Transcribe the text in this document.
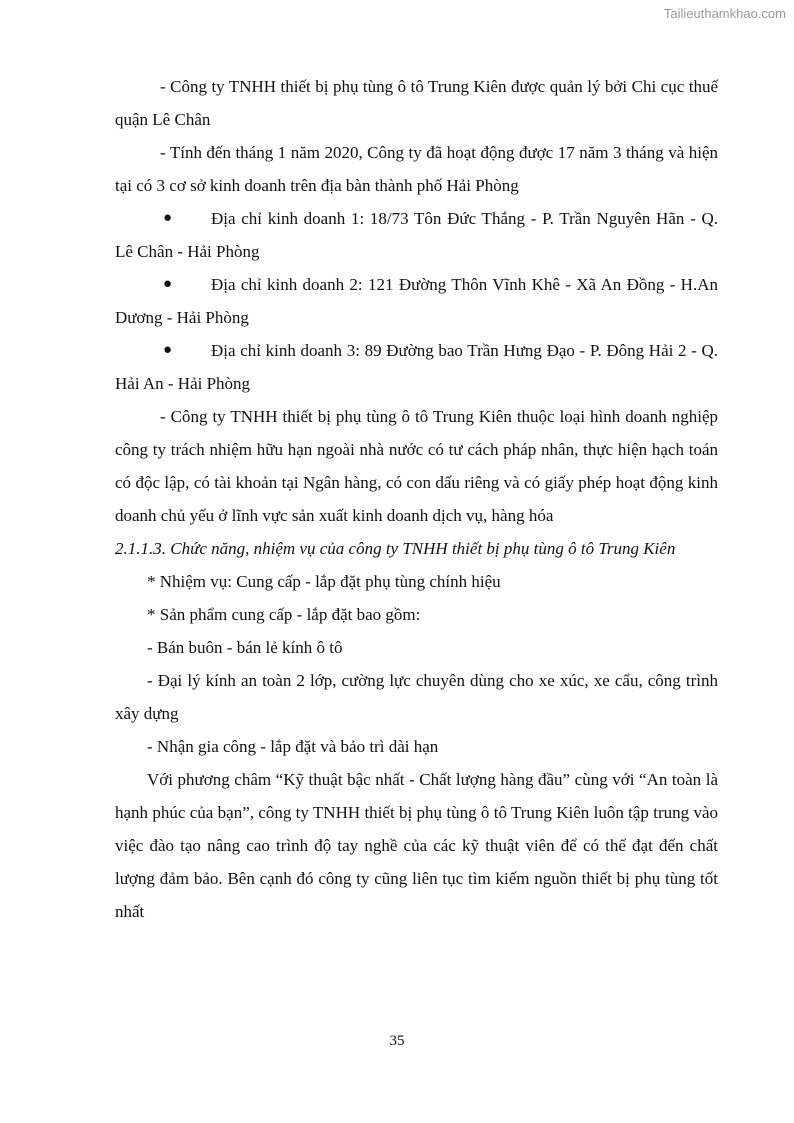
Tailieuthamkhao.com

- Công ty TNHH thiết bị phụ tùng ô tô Trung Kiên được quản lý bởi Chi cục thuế quận Lê Chân

- Tính đến tháng 1 năm 2020, Công ty đã hoạt động được 17 năm 3 tháng và hiện tại có 3 cơ sở kinh doanh trên địa bàn thành phố Hải Phòng

● Địa chỉ kinh doanh 1: 18/73 Tôn Đức Thắng - P. Trần Nguyên Hãn - Q. Lê Chân - Hải Phòng

● Địa chỉ kinh doanh 2: 121 Đường Thôn Vĩnh Khê - Xã An Đồng - H.An Dương - Hải Phòng

● Địa chỉ kinh doanh 3: 89 Đường bao Trần Hưng Đạo - P. Đông Hải 2 - Q. Hải An - Hải Phòng

- Công ty TNHH thiết bị phụ tùng ô tô Trung Kiên thuộc loại hình doanh nghiệp công ty trách nhiệm hữu hạn ngoài nhà nước có tư cách pháp nhân, thực hiện hạch toán có độc lập, có tài khoản tại Ngân hàng, có con dấu riêng và có giấy phép hoạt động kinh doanh chủ yếu ở lĩnh vực sản xuất kinh doanh dịch vụ, hàng hóa

2.1.1.3. Chức năng, nhiệm vụ của công ty TNHH thiết bị phụ tùng ô tô Trung Kiên

* Nhiệm vụ: Cung cấp - lắp đặt phụ tùng chính hiệu

* Sản phẩm cung cấp - lắp đặt bao gồm:

- Bán buôn - bán lẻ kính ô tô

- Đại lý kính an toàn 2 lớp, cường lực chuyên dùng cho xe xúc, xe cẩu, công trình xây dựng

- Nhận gia công - lắp đặt và bảo trì dài hạn

Với phương châm “Kỹ thuật bậc nhất - Chất lượng hàng đầu” cùng với “An toàn là hạnh phúc của bạn”, công ty TNHH thiết bị phụ tùng ô tô Trung Kiên luôn tập trung vào việc đào tạo nâng cao trình độ tay nghề của các kỹ thuật viên để có thể đạt đến chất lượng đảm bảo. Bên cạnh đó công ty cũng liên tục tìm kiếm nguồn thiết bị phụ tùng tốt nhất

35
